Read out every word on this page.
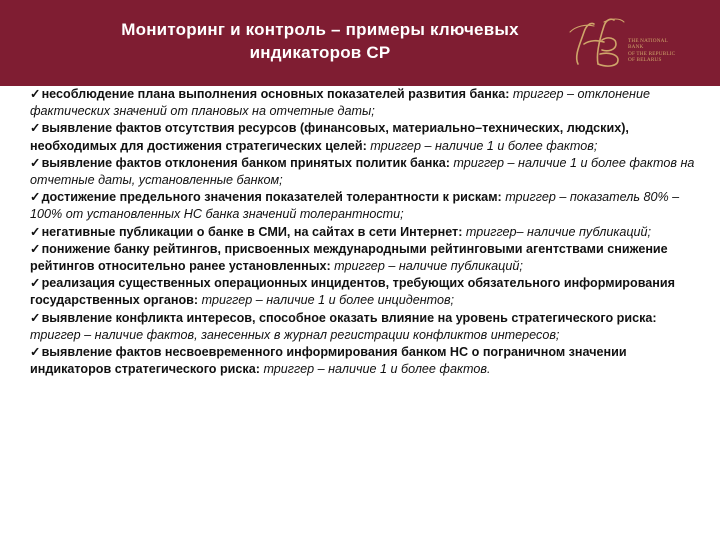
Мониторинг и контроль – примеры ключевых
индикаторов СР
THE NATIONAL
BANK
OF THE REPUBLIC
OF BELARUS

✓несоблюдение плана выполнения основных показателей развития банка: триггер – отклонение фактических значений от плановых на отчетные даты;

✓выявление фактов отсутствия ресурсов (финансовых, материально–технических, людских), необходимых для достижения стратегических целей: триггер – наличие 1 и более фактов;

✓выявление фактов отклонения банком принятых политик банка: триггер – наличие 1 и более фактов на отчетные даты, установленные банком;

✓достижение предельного значения показателей толерантности к рискам: триггер – показатель 80% – 100% от установленных НС банка значений толерантности;

✓негативные публикации о банке в СМИ, на сайтах в сети Интернет: триггер– наличие публикаций;

✓понижение банку рейтингов, присвоенных международными рейтинговыми агентствами снижение рейтингов относительно ранее установленных: триггер – наличие публикаций;

✓реализация существенных операционных инцидентов, требующих обязательного информирования государственных органов: триггер – наличие 1 и более инцидентов;

✓выявление конфликта интересов, способное оказать влияние на уровень стратегического риска: триггер – наличие фактов, занесенных в журнал регистрации конфликтов интересов;

✓выявление фактов несвоевременного информирования банком НС о пограничном значении индикаторов стратегического риска: триггер – наличие 1 и более фактов.
